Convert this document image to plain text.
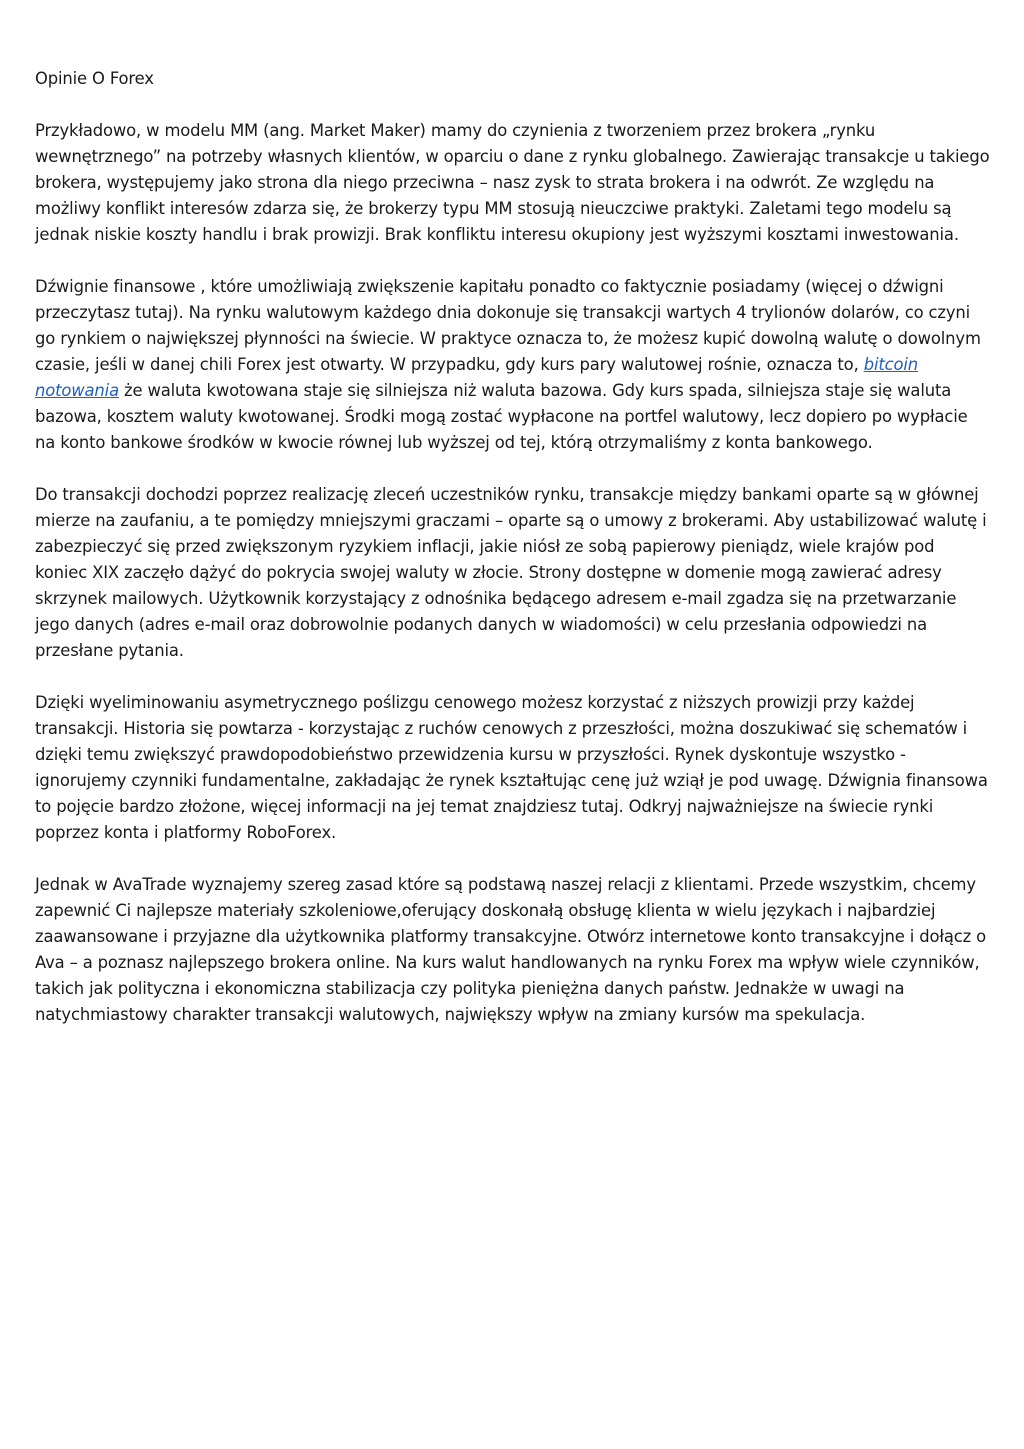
Opinie O Forex

Przykładowo, w modelu MM (ang. Market Maker) mamy do czynienia z tworzeniem przez brokera „rynku wewnętrznego” na potrzeby własnych klientów, w oparciu o dane z rynku globalnego. Zawierając transakcje u takiego brokera, występujemy jako strona dla niego przeciwna – nasz zysk to strata brokera i na odwrót. Ze względu na możliwy konflikt interesów zdarza się, że brokerzy typu MM stosują nieuczciwe praktyki. Zaletami tego modelu są jednak niskie koszty handlu i brak prowizji. Brak konfliktu interesu okupiony jest wyższymi kosztami inwestowania.

Dźwignie finansowe , które umożliwiają zwiększenie kapitału ponadto co faktycznie posiadamy (więcej o dźwigni przeczytasz tutaj). Na rynku walutowym każdego dnia dokonuje się transakcji wartych 4 trylionów dolarów, co czyni go rynkiem o największej płynności na świecie. W praktyce oznacza to, że możesz kupić dowolną walutę o dowolnym czasie, jeśli w danej chili Forex jest otwarty. W przypadku, gdy kurs pary walutowej rośnie, oznacza to, bitcoin notowania że waluta kwotowana staje się silniejsza niż waluta bazowa. Gdy kurs spada, silniejsza staje się waluta bazowa, kosztem waluty kwotowanej. Środki mogą zostać wypłacone na portfel walutowy, lecz dopiero po wypłacie na konto bankowe środków w kwocie równej lub wyższej od tej, którą otrzymaliśmy z konta bankowego.

Do transakcji dochodzi poprzez realizację zleceń uczestników rynku, transakcje między bankami oparte są w głównej mierze na zaufaniu, a te pomiędzy mniejszymi graczami – oparte są o umowy z brokerami. Aby ustabilizować walutę i zabezpieczyć się przed zwiększonym ryzykiem inflacji, jakie niósł ze sobą papierowy pieniądz, wiele krajów pod koniec XIX zaczęło dążyć do pokrycia swojej waluty w złocie. Strony dostępne w domenie mogą zawierać adresy skrzynek mailowych. Użytkownik korzystający z odnośnika będącego adresem e-mail zgadza się na przetwarzanie jego danych (adres e-mail oraz dobrowolnie podanych danych w wiadomości) w celu przesłania odpowiedzi na przesłane pytania.

Dzięki wyeliminowaniu asymetrycznego poślizgu cenowego możesz korzystać z niższych prowizji przy każdej transakcji. Historia się powtarza - korzystając z ruchów cenowych z przeszłości, można doszukiwać się schematów i dzięki temu zwiększyć prawdopodobieństwo przewidzenia kursu w przyszłości. Rynek dyskontuje wszystko - ignorujemy czynniki fundamentalne, zakładając że rynek kształtując cenę już wziął je pod uwagę. Dźwignia finansowa to pojęcie bardzo złożone, więcej informacji na jej temat znajdziesz tutaj. Odkryj najważniejsze na świecie rynki poprzez konta i platformy RoboForex.

Jednak w AvaTrade wyznajemy szereg zasad które są podstawą naszej relacji z klientami. Przede wszystkim, chcemy zapewnić Ci najlepsze materiały szkoleniowe,oferujący doskonałą obsługę klienta w wielu językach i najbardziej zaawansowane i przyjazne dla użytkownika platformy transakcyjne. Otwórz internetowe konto transakcyjne i dołącz o Ava – a poznasz najlepszego brokera online. Na kurs walut handlowanych na rynku Forex ma wpływ wiele czynników, takich jak polityczna i ekonomiczna stabilizacja czy polityka pieniężna danych państw. Jednakże w uwagi na natychmiastowy charakter transakcji walutowych, największy wpływ na zmiany kursów ma spekulacja.
